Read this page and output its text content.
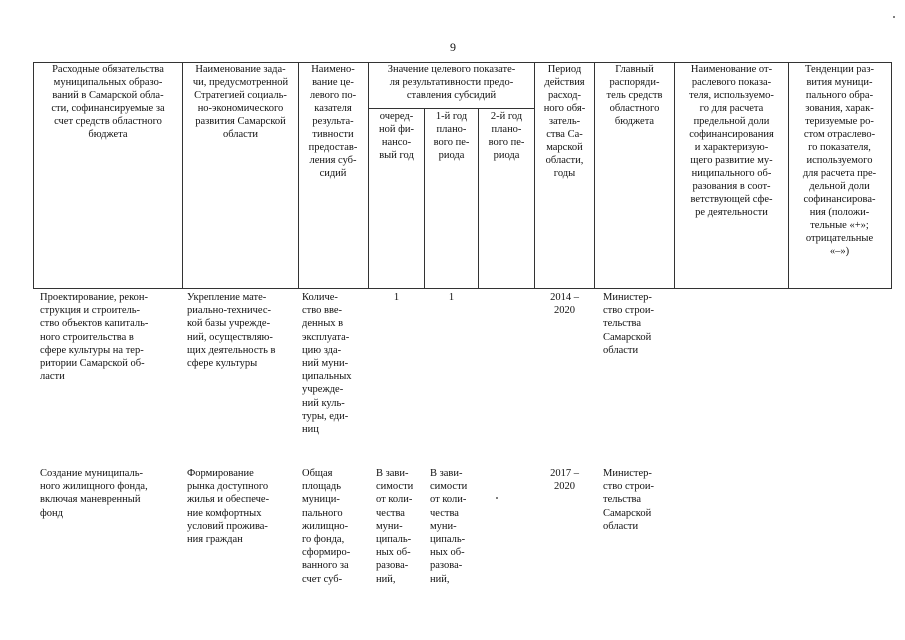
9
Расходные обязательства
муниципальных образо-
ваний в Самарской обла-
сти, софинансируемые за
счет средств областного
бюджета
Наименование зада-
чи, предусмотренной
Стратегией социаль-
но-экономического
развития Самарской
области
Наимено-
вание це-
левого по-
казателя
результа-
тивности
предостав-
ления суб-
сидий
Значение целевого показате-
ля результативности предо-
ставления субсидий
очеред-
ной фи-
нансо-
вый год
1-й год
плано-
вого пе-
риода
2-й год
плано-
вого пе-
риода
Период
действия
расход-
ного обя-
затель-
ства Са-
марской
области,
годы
Главный
распоряди-
тель средств
областного
бюджета
Наименование от-
раслевого показа-
теля, используемо-
го для расчета
предельной доли
софинансирования
и характеризую-
щего развитие му-
ниципального об-
разования в соот-
ветствующей сфе-
ре деятельности
Тенденции раз-
вития муници-
пального обра-
зования, харак-
теризуемые ро-
стом отраслево-
го показателя,
используемого
для расчета пре-
дельной доли
софинансирова-
ния (положи-
тельные «+»;
отрицательные
«–»)
Проектирование, рекон-
струкция и строитель-
ство объектов капиталь-
ного строительства в
сфере культуры на тер-
ритории Самарской об-
ласти
Укрепление мате-
риально-техничес-
кой базы учрежде-
ний, осуществляю-
щих деятельность в
сфере культуры
Количе-
ство вве-
денных в
эксплуата-
цию зда-
ний муни-
ципальных
учрежде-
ний куль-
туры, еди-
ниц
1	1	2014 –
2020
Министер-
ство строи-
тельства
Самарской
области
Создание муниципаль-
ного жилищного фонда,
включая маневренный
фонд
Формирование
рынка доступного
жилья и обеспече-
ние комфортных
условий прожива-
ния граждан
Общая
площадь
муници-
пального
жилищно-
го фонда,
сформиро-
ванного за
счет суб-
В зави-
симости
от коли-
чества
муни-
ципаль-
ных об-
разова-
ний,
В зави-
симости
от коли-
чества
муни-
ципаль-
ных об-
разова-
ний,
2017 –
2020
Министер-
ство строи-
тельства
Самарской
области
